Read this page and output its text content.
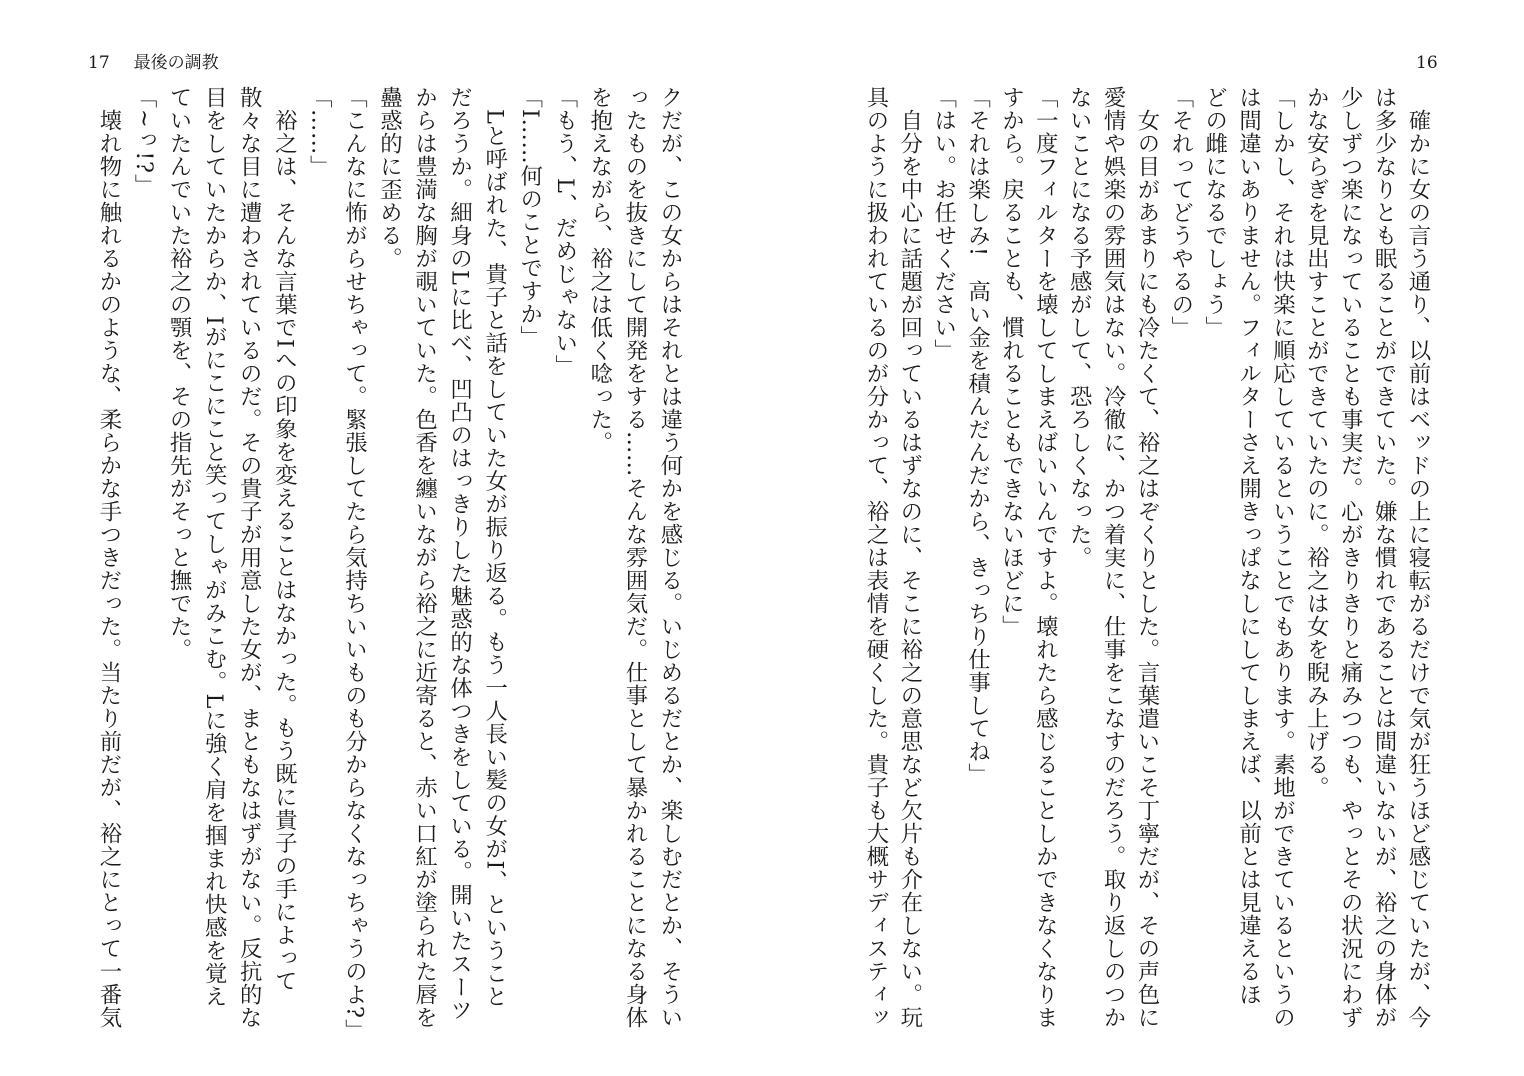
17 最後の調教	16
クだが、この女からはそれとは違う何かを感じる。いじめるだとか、楽しむだとか、そうい
ったものを抜きにして開発をする……そんな雰囲気だ。仕事として暴かれることになる身体
を抱えながら、裕之は低く唸った。
「もう、L、だめじゃない」
「I……何のことですか」
　Lと呼ばれた、貴子と話をしていた女が振り返る。もう一人長い髪の女がI、ということ
だろうか。細身のLに比べ、凹凸のはっきりした魅惑的な体つきをしている。開いたスーツ
からは豊満な胸が覗いていた。色香を纏いながら裕之に近寄ると、赤い口紅が塗られた唇を
蠱惑的に歪める。
「こんなに怖がらせちゃって。緊張してたら気持ちいいものも分からなくなっちゃうのよ?」
「……」
　裕之は、そんな言葉でIへの印象を変えることはなかった。もう既に貴子の手によって
散々な目に遭わされているのだ。その貴子が用意した女が、まともなはずがない。反抗的な
目をしていたからか、Iがにこにこと笑ってしゃがみこむ。Lに強く肩を掴まれ快感を覚え
ていたんでいた裕之の顎を、その指先がそっと撫でた。
「~っ!?」
　壊れ物に触れるかのような、柔らかな手つきだった。当たり前だが、裕之にとって一番気	　確かに女の言う通り、以前はベッドの上に寝転がるだけで気が狂うほど感じていたが、今
は多少なりとも眠ることができていた。嫌な慣れであることは間違いないが、裕之の身体が
少しずつ楽になっていることも事実だ。心がきりきりと痛みつつも、やっとその状況にわず
かな安らぎを見出すことができていたのに。裕之は女を睨み上げる。
「しかし、それは快楽に順応しているということでもあります。素地ができているというの
は間違いありません。フィルターさえ開きっぱなしにしてしまえば、以前とは見違えるほ
どの雌になるでしょう」
「それってどうやるの」
　女の目があまりにも冷たくて、裕之はぞくりとした。言葉遣いこそ丁寧だが、その声色に
愛情や娯楽の雰囲気はない。冷徹に、かつ着実に、仕事をこなすのだろう。取り返しのつか
ないことになる予感がして、恐ろしくなった。
「一度フィルターを壊してしまえばいいんですよ。壊れたら感じることしかできなくなりま
すから。戻ることも、慣れることもできないほどに」
「それは楽しみ!　高い金を積んだんだから、きっちり仕事してね」
「はい。お任せください」
　自分を中心に話題が回っているはずなのに、そこに裕之の意思など欠片も介在しない。玩
具のように扱われているのが分かって、裕之は表情を硬くした。貴子も大概サディスティッ
